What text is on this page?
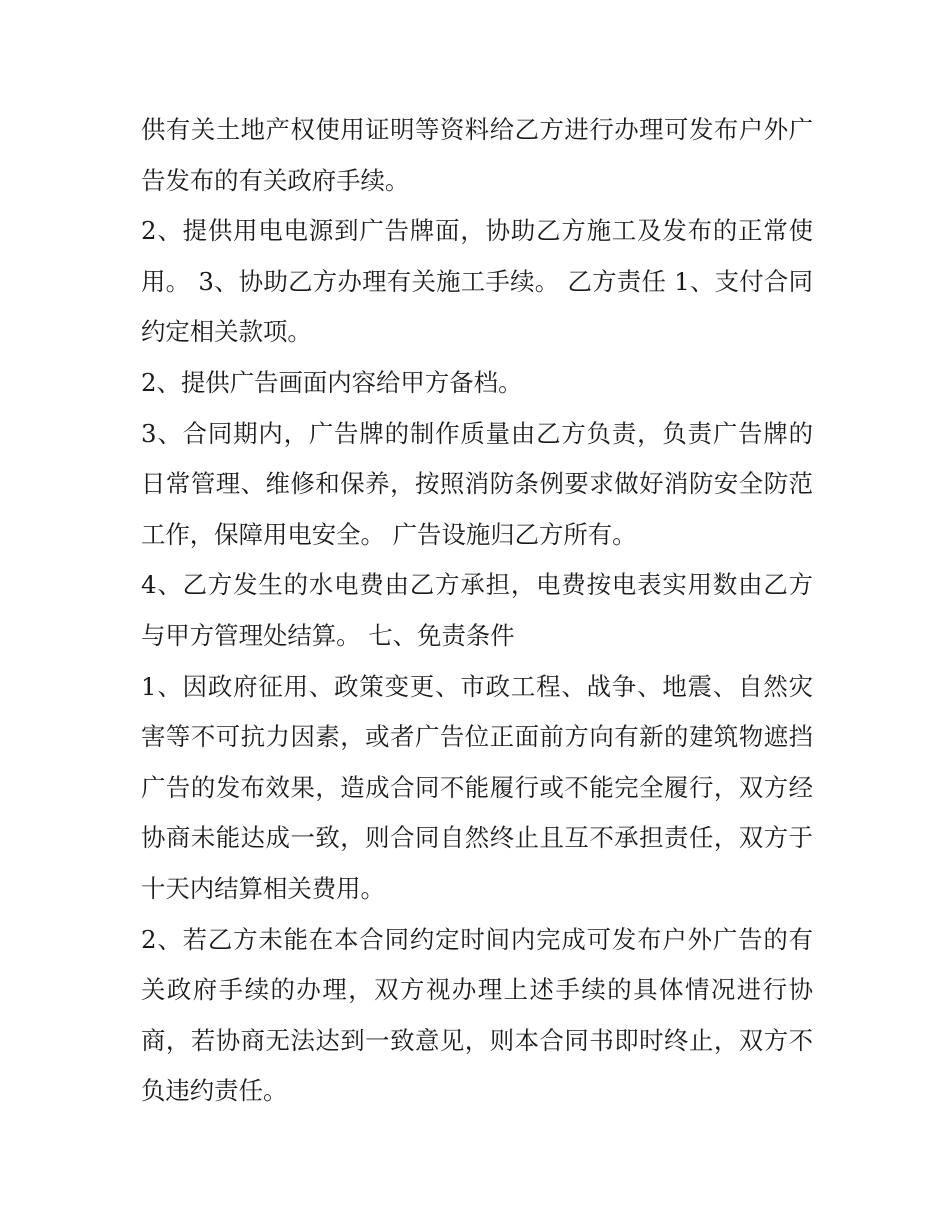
供有关土地产权使用证明等资料给乙方进行办理可发布户外广告发布的有关政府手续。

2、提供用电电源到广告牌面，协助乙方施工及发布的正常使用。 3、协助乙方办理有关施工手续。 乙方责任 1、支付合同约定相关款项。

2、提供广告画面内容给甲方备档。

3、合同期内，广告牌的制作质量由乙方负责，负责广告牌的日常管理、维修和保养，按照消防条例要求做好消防安全防范工作，保障用电安全。 广告设施归乙方所有。

4、乙方发生的水电费由乙方承担，电费按电表实用数由乙方与甲方管理处结算。 七、免责条件

1、因政府征用、政策变更、市政工程、战争、地震、自然灾害等不可抗力因素，或者广告位正面前方向有新的建筑物遮挡广告的发布效果，造成合同不能履行或不能完全履行，双方经协商未能达成一致，则合同自然终止且互不承担责任，双方于十天内结算相关费用。

2、若乙方未能在本合同约定时间内完成可发布户外广告的有关政府手续的办理，双方视办理上述手续的具体情况进行协商，若协商无法达到一致意见，则本合同书即时终止，双方不负违约责任。
